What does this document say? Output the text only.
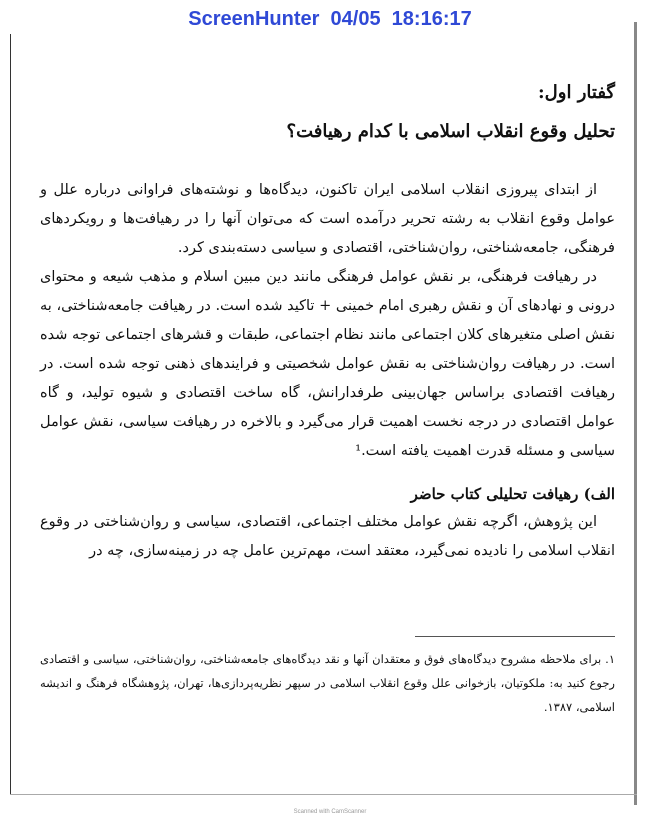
ScreenHunter  04/05  18:16:17
گفتار اول:
تحلیل وقوع انقلاب اسلامی با کدام رهیافت؟

از ابتدای پیروزی انقلاب اسلامی ایران تاکنون، دیدگاه‌ها و نوشته‌های فراوانی درباره علل و عوامل وقوع انقلاب به رشته تحریر درآمده است که می‌توان آنها را در رهیافت‌ها و رویکردهای فرهنگی، جامعه‌شناختی، روان‌شناختی، اقتصادی و سیاسی دسته‌بندی کرد.

در رهیافت فرهنگی، بر نقش عوامل فرهنگی مانند دین مبین اسلام و مذهب شیعه و محتوای درونی و نهادهای آن و نقش رهبری امام خمینی + تاکید شده است. در رهیافت جامعه‌شناختی، به نقش اصلی متغیرهای کلان اجتماعی مانند نظام اجتماعی، طبقات و قشرهای اجتماعی توجه شده است. در رهیافت روان‌شناختی به نقش عوامل شخصیتی و فرایندهای ذهنی توجه شده است. در رهیافت اقتصادی براساس جهان‌بینی طرفدارانش، گاه ساخت اقتصادی و شیوه تولید، و گاه عوامل اقتصادی در درجه نخست اهمیت قرار می‌گیرد و بالاخره در رهیافت سیاسی، نقش عوامل سیاسی و مسئله قدرت اهمیت یافته است.¹

الف) رهیافت تحلیلی کتاب حاضر

این پژوهش، اگرچه نقش عوامل مختلف اجتماعی، اقتصادی، سیاسی و روان‌شناختی در وقوع انقلاب اسلامی را نادیده نمی‌گیرد، معتقد است، مهم‌ترین عامل چه در زمینه‌سازی، چه در

۱. برای ملاحظه مشروح دیدگاه‌های فوق و معتقدان آنها و نقد دیدگاه‌های جامعه‌شناختی، روان‌شناختی، سیاسی و اقتصادی رجوع کنید به: ملکوتیان، بازخوانی علل وقوع انقلاب اسلامی در سپهر نظریه‌پردازی‌ها، تهران، پژوهشگاه فرهنگ و اندیشه اسلامی، ۱۳۸۷.
Scanned with CamScanner
